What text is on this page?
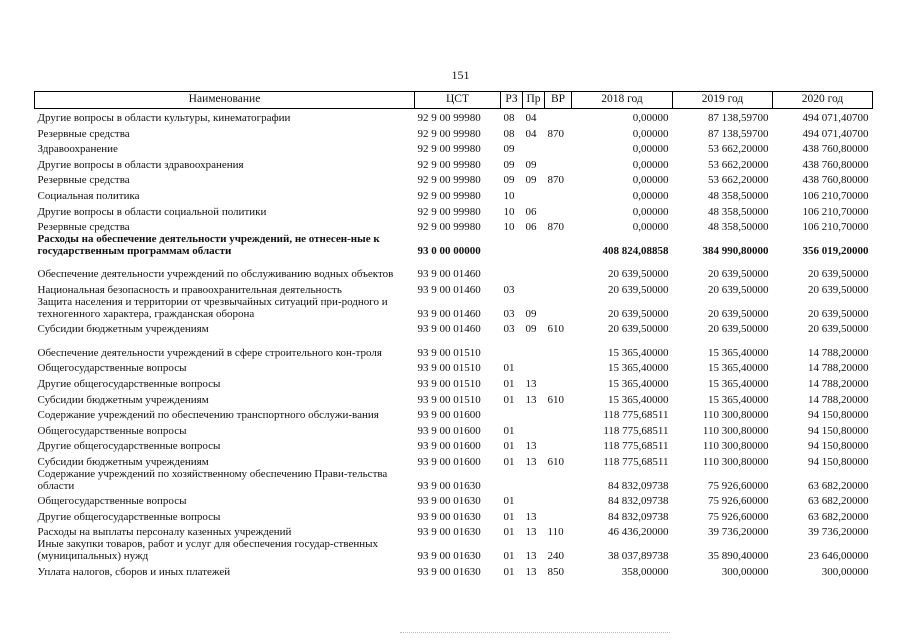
151
Наименование	ЦСТ	РЗ	Пр	ВР	2018 год	2019 год	2020 год
Другие вопросы в области культуры, кинематографии	92 9 00 99980	08	04		0,00000	87 138,59700	494 071,40700
Резервные средства	92 9 00 99980	08	04	870	0,00000	87 138,59700	494 071,40700
Здравоохранение	92 9 00 99980	09			0,00000	53 662,20000	438 760,80000
Другие вопросы в области здравоохранения	92 9 00 99980	09	09		0,00000	53 662,20000	438 760,80000
Резервные средства	92 9 00 99980	09	09	870	0,00000	53 662,20000	438 760,80000
Социальная политика	92 9 00 99980	10			0,00000	48 358,50000	106 210,70000
Другие вопросы в области социальной политики	92 9 00 99980	10	06		0,00000	48 358,50000	106 210,70000
Резервные средства	92 9 00 99980	10	06	870	0,00000	48 358,50000	106 210,70000
Расходы на обеспечение деятельности учреждений, не отнесен-ные к государственным программам области	93 0 00 00000				408 824,08858	384 990,80000	356 019,20000
Обеспечение деятельности учреждений по обслуживанию водных объектов	93 9 00 01460				20 639,50000	20 639,50000	20 639,50000
Национальная безопасность и правоохранительная деятельность	93 9 00 01460	03			20 639,50000	20 639,50000	20 639,50000
Защита населения и территории от чрезвычайных ситуаций при-родного и техногенного характера, гражданская оборона	93 9 00 01460	03	09		20 639,50000	20 639,50000	20 639,50000
Субсидии бюджетным учреждениям	93 9 00 01460	03	09	610	20 639,50000	20 639,50000	20 639,50000
Обеспечение деятельности учреждений в сфере строительного кон-троля	93 9 00 01510				15 365,40000	15 365,40000	14 788,20000
Общегосударственные вопросы	93 9 00 01510	01			15 365,40000	15 365,40000	14 788,20000
Другие общегосударственные вопросы	93 9 00 01510	01	13		15 365,40000	15 365,40000	14 788,20000
Субсидии бюджетным учреждениям	93 9 00 01510	01	13	610	15 365,40000	15 365,40000	14 788,20000
Содержание учреждений по обеспечению транспортного обслужи-вания	93 9 00 01600				118 775,68511	110 300,80000	94 150,80000
Общегосударственные вопросы	93 9 00 01600	01			118 775,68511	110 300,80000	94 150,80000
Другие общегосударственные вопросы	93 9 00 01600	01	13		118 775,68511	110 300,80000	94 150,80000
Субсидии бюджетным учреждениям	93 9 00 01600	01	13	610	118 775,68511	110 300,80000	94 150,80000
Содержание учреждений по хозяйственному обеспечению Прави-тельства области	93 9 00 01630				84 832,09738	75 926,60000	63 682,20000
Общегосударственные вопросы	93 9 00 01630	01			84 832,09738	75 926,60000	63 682,20000
Другие общегосударственные вопросы	93 9 00 01630	01	13		84 832,09738	75 926,60000	63 682,20000
Расходы на выплаты персоналу казенных учреждений	93 9 00 01630	01	13	110	46 436,20000	39 736,20000	39 736,20000
Иные закупки товаров, работ и услуг для обеспечения государ-ственных (муниципальных) нужд	93 9 00 01630	01	13	240	38 037,89738	35 890,40000	23 646,00000
Уплата налогов, сборов и иных платежей	93 9 00 01630	01	13	850	358,00000	300,00000	300,00000
